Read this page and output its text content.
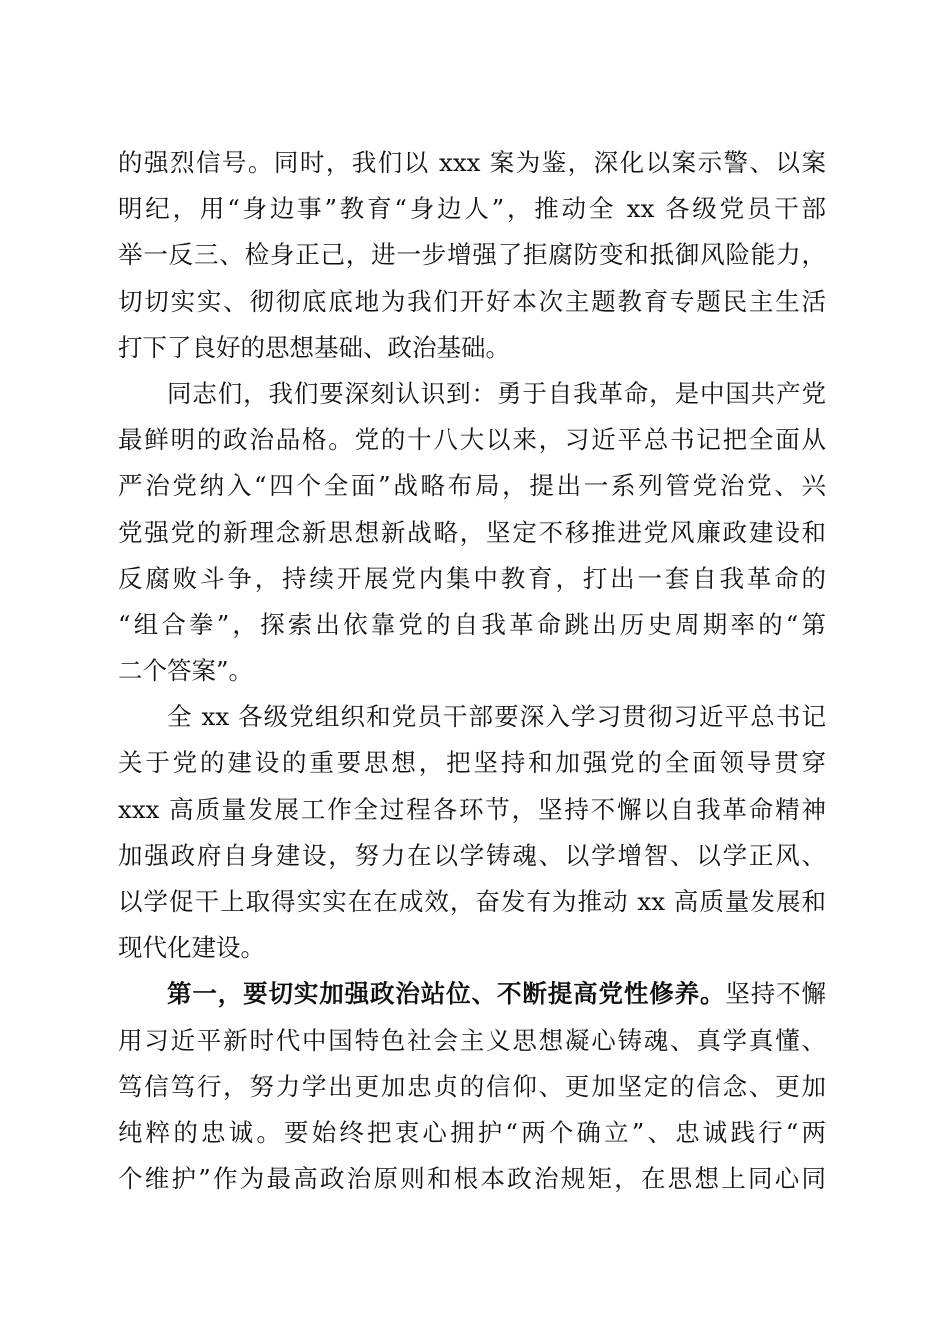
的强烈信号。同时，我们以 xxx 案为鉴，深化以案示警、以案
明纪，用“身边事”教育“身边人”，推动全 xx 各级党员干部
举一反三、检身正己，进一步增强了拒腐防变和抵御风险能力，
切切实实、彻彻底底地为我们开好本次主题教育专题民主生活
打下了良好的思想基础、政治基础。
同志们，我们要深刻认识到：勇于自我革命，是中国共产党
最鲜明的政治品格。党的十八大以来，习近平总书记把全面从
严治党纳入“四个全面”战略布局，提出一系列管党治党、兴
党强党的新理念新思想新战略，坚定不移推进党风廉政建设和
反腐败斗争，持续开展党内集中教育，打出一套自我革命的
“组合拳”，探索出依靠党的自我革命跳出历史周期率的“第
二个答案”。
全 xx 各级党组织和党员干部要深入学习贯彻习近平总书记
关于党的建设的重要思想，把坚持和加强党的全面领导贯穿
xxx 高质量发展工作全过程各环节，坚持不懈以自我革命精神
加强政府自身建设，努力在以学铸魂、以学增智、以学正风、
以学促干上取得实实在在成效，奋发有为推动 xx 高质量发展和
现代化建设。
第一，要切实加强政治站位、不断提高党性修养。坚持不懈
用习近平新时代中国特色社会主义思想凝心铸魂、真学真懂、
笃信笃行，努力学出更加忠贞的信仰、更加坚定的信念、更加
纯粹的忠诚。要始终把衷心拥护“两个确立”、忠诚践行“两
个维护”作为最高政治原则和根本政治规矩，在思想上同心同
